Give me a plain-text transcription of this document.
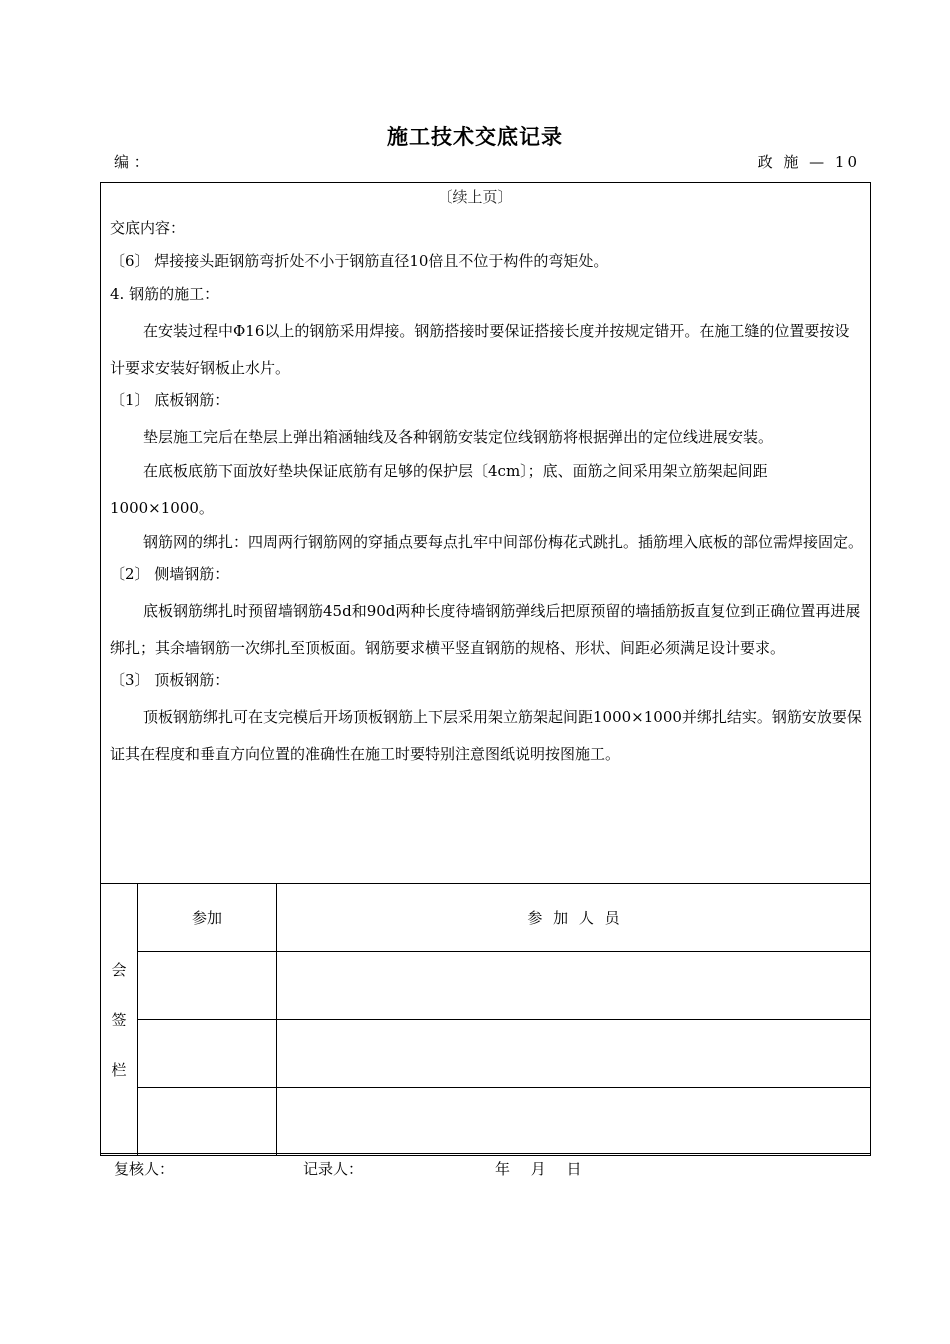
施工技术交底记录
编 ：	政 施 — 10
〔续上页〕

交底内容：

〔6〕 焊接接头距钢筋弯折处不小于钢筋直径10倍且不位于构件的弯矩处。

4. 钢筋的施工：

在安装过程中Φ16以上的钢筋采用焊接。钢筋搭接时要保证搭接长度并按规定错开。在施工缝的位置要按设计要求安装好钢板止水片。

〔1〕 底板钢筋：

垫层施工完后在垫层上弹出箱涵轴线及各种钢筋安装定位线钢筋将根据弹出的定位线进展安装。

在底板底筋下面放好垫块保证底筋有足够的保护层〔4cm〕；底、面筋之间采用架立筋架起间距1000×1000。

钢筋网的绑扎：四周两行钢筋网的穿插点要每点扎牢中间部份梅花式跳扎。插筋埋入底板的部位需焊接固定。

〔2〕 侧墙钢筋：

底板钢筋绑扎时预留墙钢筋45d和90d两种长度待墙钢筋弹线后把原预留的墙插筋扳直复位到正确位置再进展绑扎；其余墙钢筋一次绑扎至顶板面。钢筋要求横平竖直钢筋的规格、形状、间距必须满足设计要求。

〔3〕 顶板钢筋：

顶板钢筋绑扎可在支完模后开场顶板钢筋上下层采用架立筋架起间距1000×1000并绑扎结实。钢筋安放要保证其在程度和垂直方向位置的准确性在施工时要特别注意图纸说明按图施工。

会
签
栏	参加	参 加 人 员

复核人：	记录人：	年 月 日
